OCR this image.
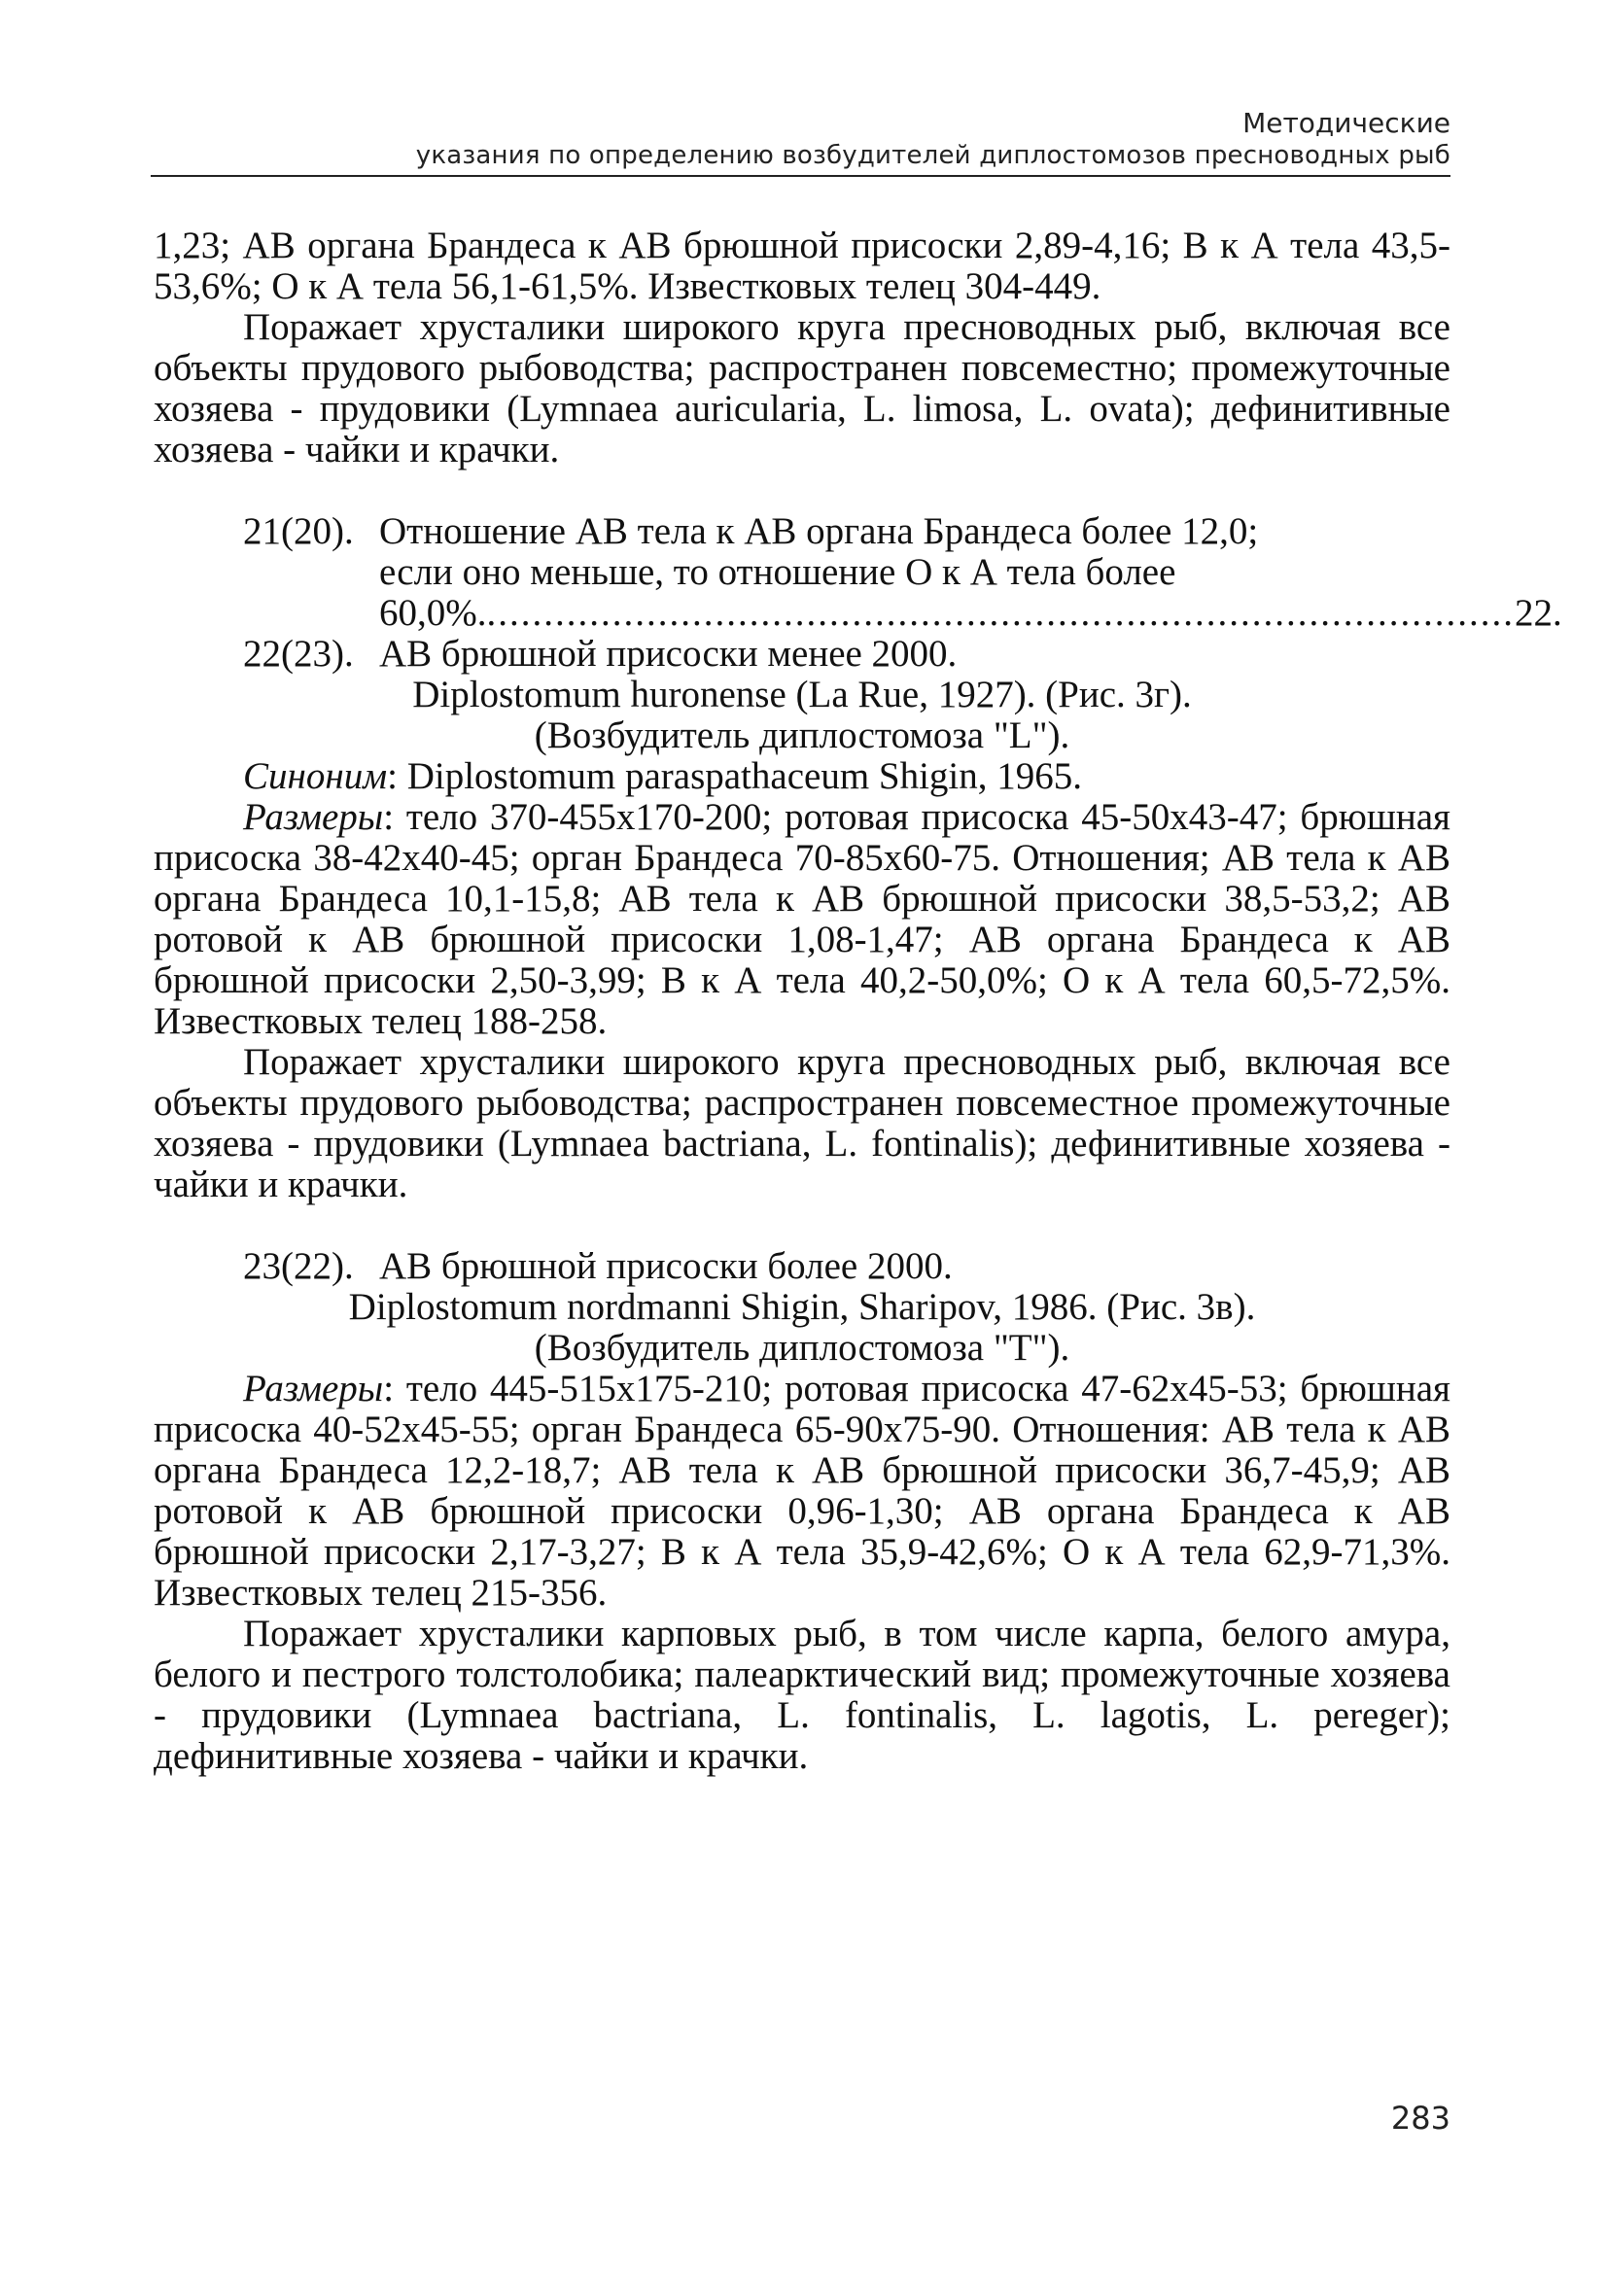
Методические
указания по определению возбудителей диплостомозов пресноводных рыб

1,23; АВ органа Брандеса к АВ брюшной присоски 2,89-4,16; В к А тела 43,5-53,6%; О к А тела 56,1-61,5%. Известковых телец 304-449.

Поражает хрусталики широкого круга пресноводных рыб, включая все объекты прудового рыбоводства; распространен повсеместно; промежуточные хозяева - прудовики (Lymnaea auricularia, L. limosa, L. ovata); дефинитивные хозяева - чайки и крачки.

21(20). Отношение АВ тела к АВ органа Брандеса более 12,0;
если оно меньше, то отношение О к А тела более
60,0%. .......................................................................................... 22.
22(23). АВ брюшной присоски менее 2000.
Diplostomum huronense (La Rue, 1927). (Рис. 3г).
(Возбудитель диплостомоза "L").

Синоним: Diplostomum paraspathaceum Shigin, 1965.

Размеры: тело 370-455х170-200; ротовая присоска 45-50х43-47; брюшная присоска 38-42х40-45; орган Брандеса 70-85х60-75. Отношения; АВ тела к АВ органа Брандеса 10,1-15,8; АВ тела к АВ брюшной присоски 38,5-53,2; АВ ротовой к АВ брюшной присоски 1,08-1,47; АВ органа Брандеса к АВ брюшной присоски 2,50-3,99; В к А тела 40,2-50,0%; О к А тела 60,5-72,5%. Известковых телец 188-258.

Поражает хрусталики широкого круга пресноводных рыб, включая все объекты прудового рыбоводства; распространен повсеместное промежуточные хозяева - прудовики (Lymnaea bactriana, L. fontinalis); дефинитивные хозяева - чайки и крачки.

23(22). АВ брюшной присоски более 2000.
Diplostomum nordmanni Shigin, Sharipov, 1986. (Рис. 3в).
(Возбудитель диплостомоза "Т").

Размеры: тело 445-515х175-210; ротовая присоска 47-62х45-53; брюшная присоска 40-52х45-55; орган Брандеса 65-90х75-90. Отношения: АВ тела к АВ органа Брандеса 12,2-18,7; АВ тела к АВ брюшной присоски 36,7-45,9; АВ ротовой к АВ брюшной присоски 0,96-1,30; АВ органа Брандеса к АВ брюшной присоски 2,17-3,27; В к А тела 35,9-42,6%; О к А тела 62,9-71,3%. Известковых телец 215-356.

Поражает хрусталики карповых рыб, в том числе карпа, белого амура, белого и пестрого толстолобика; палеарктический вид; промежуточные хозяева - прудовики (Lymnaea bactriana, L. fontinalis, L. lagotis, L. pereger); дефинитивные хозяева - чайки и крачки.

283
